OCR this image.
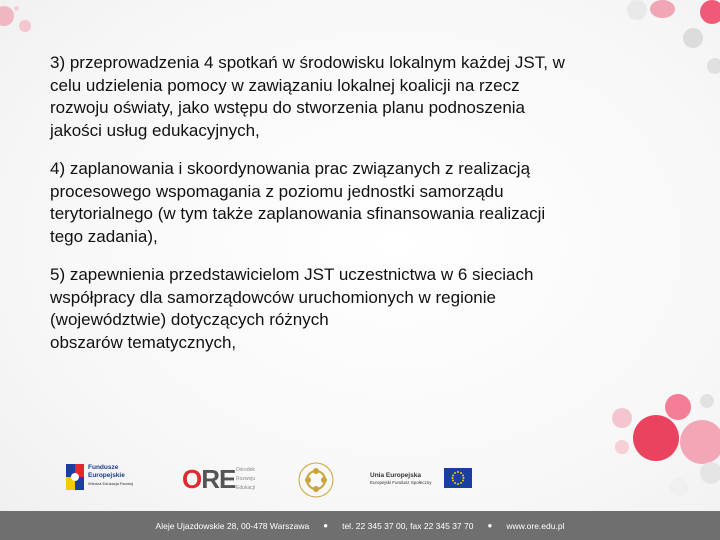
3) przeprowadzenia 4 spotkań w środowisku lokalnym każdej JST, w
celu udzielenia pomocy w zawiązaniu lokalnej koalicji na rzecz
rozwoju oświaty, jako wstępu do stworzenia planu podnoszenia
jakości usług edukacyjnych,

4) zaplanowania i skoordynowania prac związanych z realizacją
procesowego wspomagania z poziomu jednostki samorządu
terytorialnego (w tym także zaplanowania sfinansowania realizacji
tego zadania),

5) zapewnienia przedstawicielom JST uczestnictwa w 6 sieciach
współpracy dla samorządowców uruchomionych w regionie
(województwie) dotyczących różnych
obszarów tematycznych,

Fundusze
Europejskie
Wiedza Edukacja Rozwój ORE Ośrodek
Rozwoju
Edukacji
Unia Europejska
Europejski Fundusz Społeczny
Aleje Ujazdowskie 28, 00-478 Warszawa ● tel. 22 345 37 00, fax 22 345 37 70 ● www.ore.edu.pl
